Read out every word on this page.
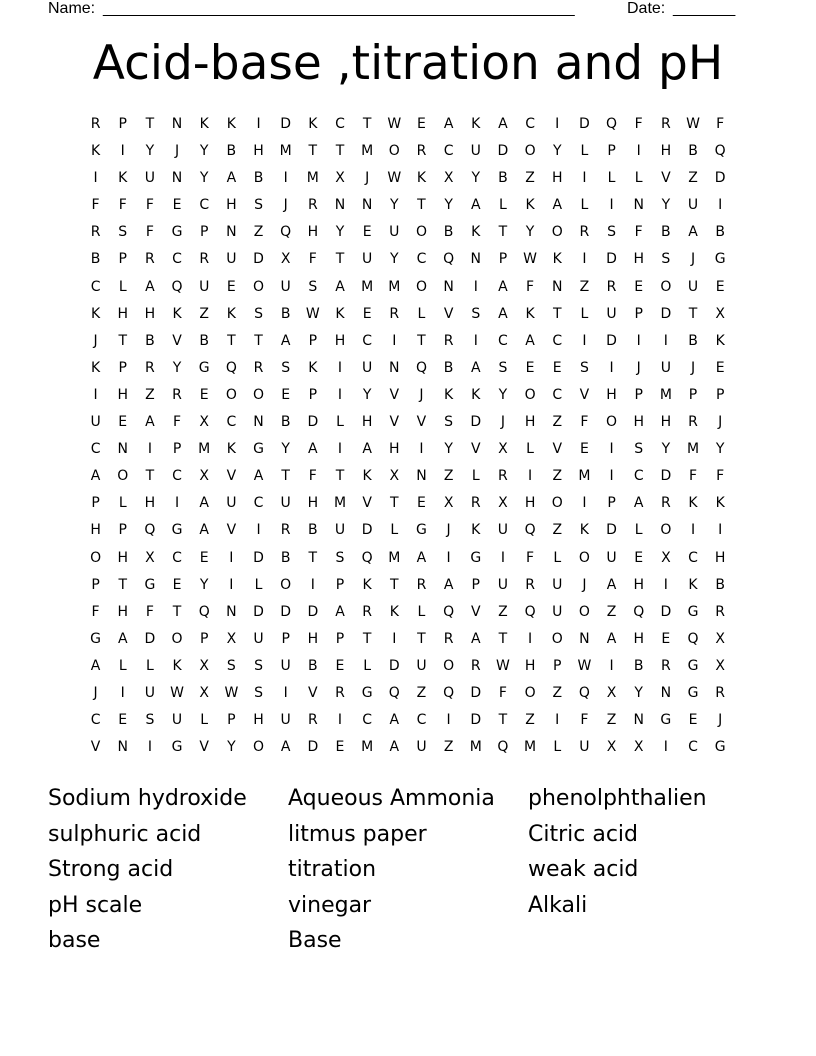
Name: _____________________________________________________	Date: _______
Acid-base ,titration and pH
R	P	T	N	K	K	I	D	K	C	T	W	E	A	K	A	C	I	D	Q	F	R	W	F
K	I	Y	J	Y	B	H	M	T	T	M	O	R	C	U	D	O	Y	L	P	I	H	B	Q
I	K	U	N	Y	A	B	I	M	X	J	W	K	X	Y	B	Z	H	I	L	L	V	Z	D
F	F	F	E	C	H	S	J	R	N	N	Y	T	Y	A	L	K	A	L	I	N	Y	U	I
R	S	F	G	P	N	Z	Q	H	Y	E	U	O	B	K	T	Y	O	R	S	F	B	A	B
B	P	R	C	R	U	D	X	F	T	U	Y	C	Q	N	P	W	K	I	D	H	S	J	G
C	L	A	Q	U	E	O	U	S	A	M	M	O	N	I	A	F	N	Z	R	E	O	U	E
K	H	H	K	Z	K	S	B	W	K	E	R	L	V	S	A	K	T	L	U	P	D	T	X
J	T	B	V	B	T	T	A	P	H	C	I	T	R	I	C	A	C	I	D	I	I	B	K
K	P	R	Y	G	Q	R	S	K	I	U	N	Q	B	A	S	E	E	S	I	J	U	J	E
I	H	Z	R	E	O	O	E	P	I	Y	V	J	K	K	Y	O	C	V	H	P	M	P	P
U	E	A	F	X	C	N	B	D	L	H	V	V	S	D	J	H	Z	F	O	H	H	R	J
C	N	I	P	M	K	G	Y	A	I	A	H	I	Y	V	X	L	V	E	I	S	Y	M	Y
A	O	T	C	X	V	A	T	F	T	K	X	N	Z	L	R	I	Z	M	I	C	D	F	F
P	L	H	I	A	U	C	U	H	M	V	T	E	X	R	X	H	O	I	P	A	R	K	K
H	P	Q	G	A	V	I	R	B	U	D	L	G	J	K	U	Q	Z	K	D	L	O	I	I
O	H	X	C	E	I	D	B	T	S	Q	M	A	I	G	I	F	L	O	U	E	X	C	H
P	T	G	E	Y	I	L	O	I	P	K	T	R	A	P	U	R	U	J	A	H	I	K	B
F	H	F	T	Q	N	D	D	D	A	R	K	L	Q	V	Z	Q	U	O	Z	Q	D	G	R
G	A	D	O	P	X	U	P	H	P	T	I	T	R	A	T	I	O	N	A	H	E	Q	X
A	L	L	K	X	S	S	U	B	E	L	D	U	O	R	W	H	P	W	I	B	R	G	X
J	I	U	W	X	W	S	I	V	R	G	Q	Z	Q	D	F	O	Z	Q	X	Y	N	G	R
C	E	S	U	L	P	H	U	R	I	C	A	C	I	D	T	Z	I	F	Z	N	G	E	J
V	N	I	G	V	Y	O	A	D	E	M	A	U	Z	M	Q	M	L	U	X	X	I	C	G
Sodium hydroxide
sulphuric acid
Strong acid
pH scale
base
Aqueous Ammonia
litmus paper
titration
vinegar
Base
phenolphthalien
Citric acid
weak acid
Alkali
